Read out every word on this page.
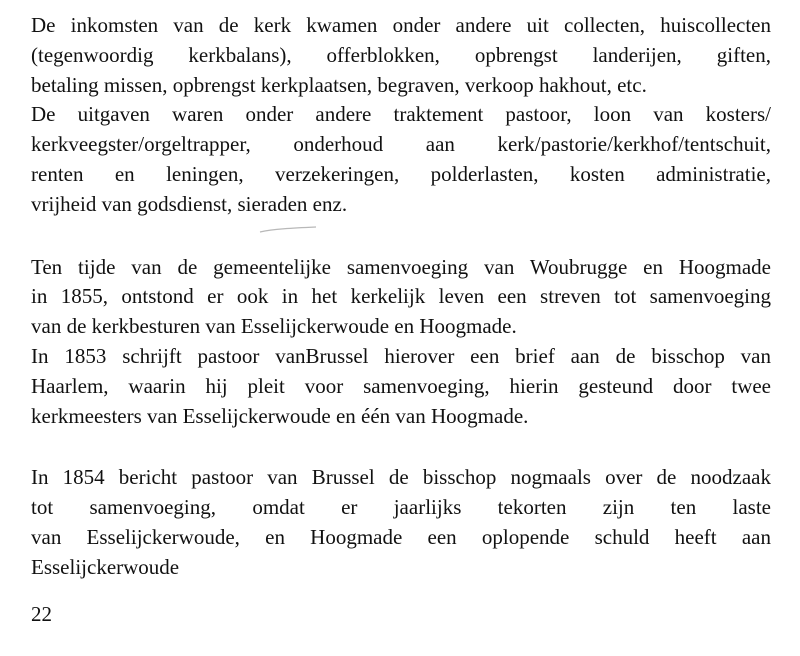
De inkomsten van de kerk kwamen onder andere uit collecten, huiscollecten
(tegenwoordig kerkbalans), offerblokken, opbrengst landerijen, giften,
betaling missen, opbrengst kerkplaatsen, begraven, verkoop hakhout, etc.
De uitgaven waren onder andere traktement pastoor, loon van kosters/
kerkveegster/orgeltrapper, onderhoud aan kerk/pastorie/kerkhof/tentschuit,
renten en leningen, verzekeringen, polderlasten, kosten administratie,
vrijheid van godsdienst, sieraden enz.
Ten tijde van de gemeentelijke samenvoeging van Woubrugge en Hoogmade
in 1855, ontstond er ook in het kerkelijk leven een streven tot samenvoeging
van de kerkbesturen van Esselijckerwoude en Hoogmade.
In 1853 schrijft pastoor vanBrussel hierover een brief aan de bisschop van
Haarlem, waarin hij pleit voor samenvoeging, hierin gesteund door twee
kerkmeesters van Esselijckerwoude en één van Hoogmade.
In 1854 bericht pastoor van Brussel de bisschop nogmaals over de noodzaak
tot samenvoeging, omdat er jaarlijks tekorten zijn ten laste
van Esselijckerwoude, en Hoogmade een oplopende schuld heeft aan
Esselijckerwoude
22
